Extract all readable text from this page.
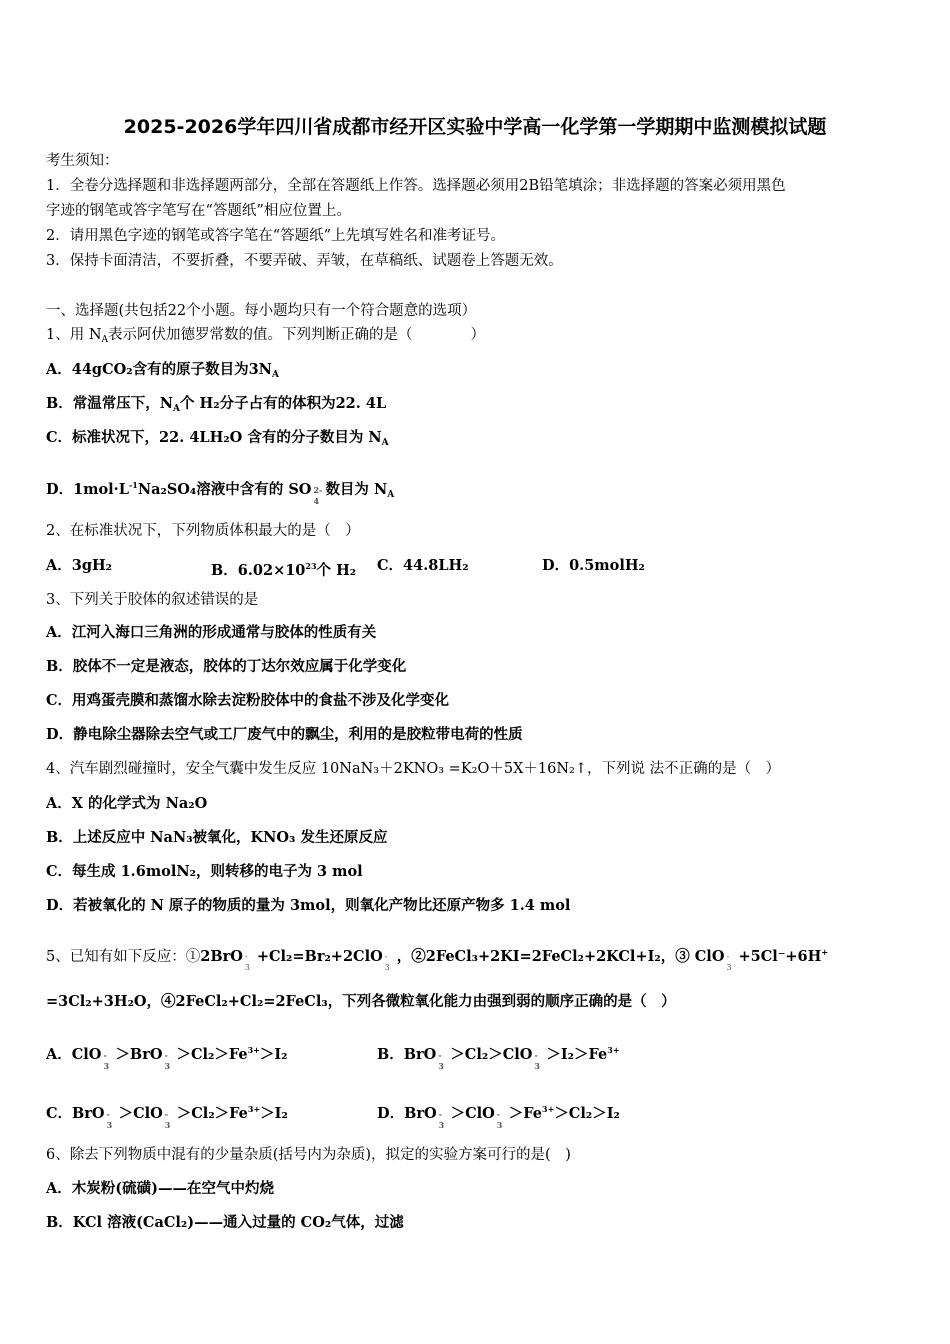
2025-2026学年四川省成都市经开区实验中学高一化学第一学期期中监测模拟试题
考生须知：
1．全卷分选择题和非选择题两部分，全部在答题纸上作答。选择题必须用2B铅笔填涂；非选择题的答案必须用黑色
字迹的钢笔或答字笔写在“答题纸”相应位置上。
2．请用黑色字迹的钢笔或答字笔在“答题纸”上先填写姓名和准考证号。
3．保持卡面清洁，不要折叠，不要弄破、弄皱，在草稿纸、试题卷上答题无效。
一、选择题(共包括22个小题。每小题均只有一个符合题意的选项）
1、用 $N_A$表示阿伏加德罗常数的值。下列判断正确的是（　　　　）
A．44gCO₂含有的原子数目为$3N_A$
B．常温常压下，$N_A$个 H₂分子占有的体积为22. 4L
C．标准状况下，22. 4LH₂O 含有的分子数目为 $N_A$
D．$1mol\cdot L^{-1}Na_2SO_4$溶液中含有的 SO 2-
4
数目为 $N_A$
2、在标准状况下，下列物质体积最大的是（　）
A．3gH₂	B．$6.02\times 10^{23}$个 H₂ C．44.8LH₂	D．0.5molH₂
3、下列关于胶体的叙述错误的是
A．江河入海口三角洲的形成通常与胶体的性质有关
B．胶体不一定是液态，胶体的丁达尔效应属于化学变化
C．用鸡蛋壳膜和蒸馏水除去淀粉胶体中的食盐不涉及化学变化
D．静电除尘器除去空气或工厂废气中的飘尘，利用的是胶粒带电荷的性质
4、汽车剧烈碰撞时，安全气囊中发生反应 10NaN₃＋2KNO₃ =K₂O＋5X＋16N₂↑，下列说 法不正确的是（　）
A．X 的化学式为 Na₂O
B．上述反应中 NaN₃被氧化，KNO₃ 发生还原反应
C．每生成 1.6molN₂，则转移的电子为 3 mol
D．若被氧化的 N 原子的物质的量为 3mol，则氧化产物比还原产物多 1.4 mol
5、已知有如下反应：①2BrO -
3
+Cl₂=Br₂+2ClO -
3
，②2FeCl₃+2KI=2FeCl₂+2KCl+I₂，③ ClO -
3
+5Cl⁻+6H+
=3Cl₂+3H₂O，④2FeCl₂+Cl₂=2FeCl₃，下列各微粒氧化能力由强到弱的顺序正确的是（　）
A．ClO -
3
＞BrO -
3
$>Cl_2>Fe^{3+}>I_2$	B．BrO -
3
＞Cl₂＞ClO -
3
$>I_2>Fe^{3+}$
C．BrO -
3
＞ClO -
3
$>Cl_2>Fe^{3+}>I_2$	D．BrO -
3
＞ClO -
3
$>Fe^{3+}>Cl_2>I_2$
6、除去下列物质中混有的少量杂质(括号内为杂质)，拟定的实验方案可行的是(　)
A．木炭粉(硫磺)——在空气中灼烧
B．KCl 溶液(CaCl₂)——通入过量的 CO₂气体，过滤
